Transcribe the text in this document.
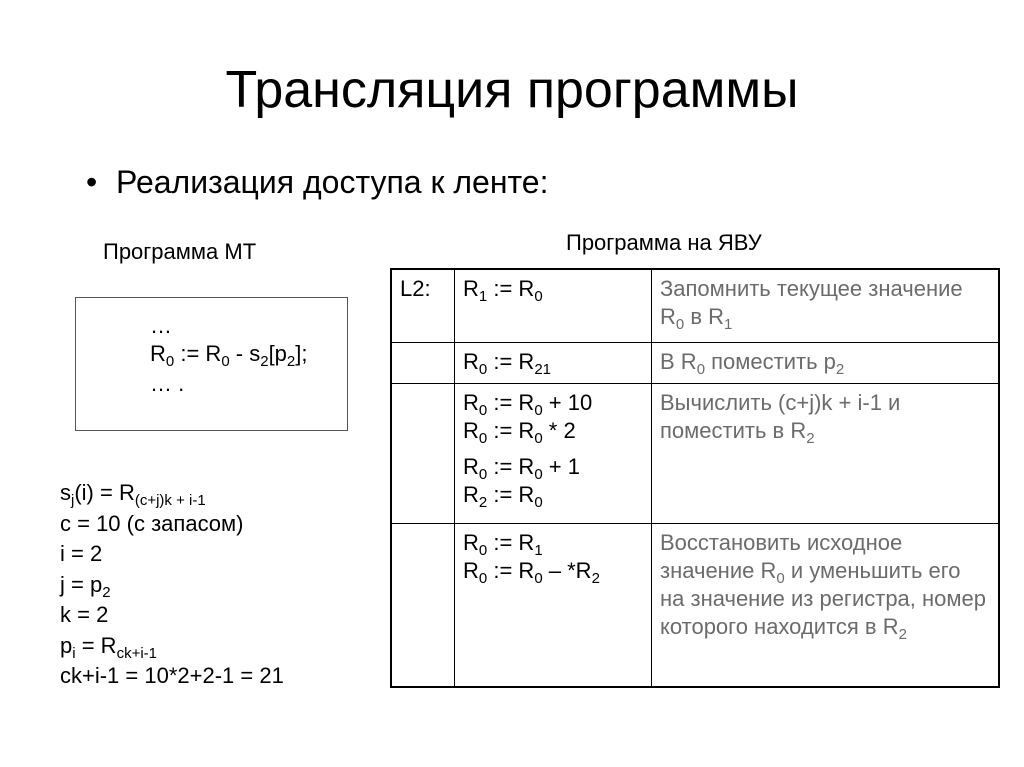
Трансляция программы
• Реализация доступа к ленте:
Программа МТ
…
$R_0$ := $R_0 - s_2[p_2]$;
… .
$s_j(i) = R_{(c+j)k + i-1}$
c = 10 (с запасом)
i = 2
$j = p_2$
k = 2
$p_i = R_{ck+i-1}$
ck+i-1 = 10*2+2-1 = 21
Программа на ЯВУ
L2:	$R_1$ := $R_0$	Запомнить текущее значение $R_0$ в $R_1$

	$R_0$ := $R_{21}$	В $R_0$ поместить $p_2$

	$R_0$ := $R_0 + 10$
$R_0$ := $R_0 * 2$
$R_0$ := $R_0 + 1$
$R_2$ := $R_0$	Вычислить (c+j)k + i-1 и поместить в $R_2$

	$R_0$ := $R_1$
$R_0$ := $R_0 - *R_2$	Восстановить исходное значение $R_0$ и уменьшить его на значение из регистра, номер которого находится в $R_2$
